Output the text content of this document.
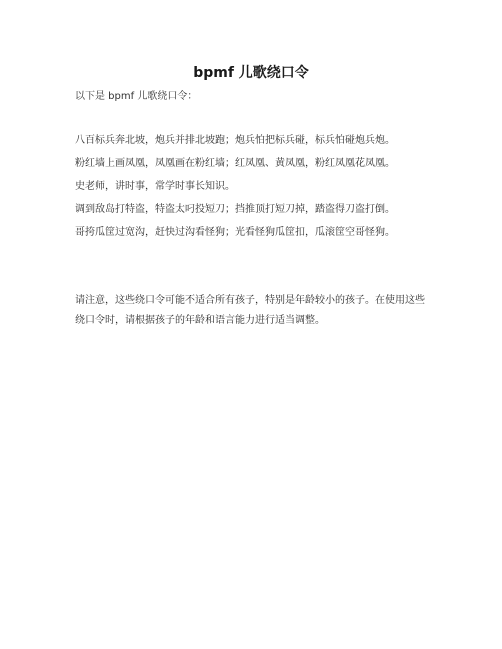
bpmf 儿歌绕口令
以下是 bpmf 儿歌绕口令：
八百标兵奔北坡，炮兵并排北坡跑；炮兵怕把标兵碰，标兵怕碰炮兵炮。
粉红墙上画凤凰，凤凰画在粉红墙；红凤凰、黄凤凰，粉红凤凰花凤凰。
史老师，讲时事，常学时事长知识。
调到敌岛打特盗，特盗太叼投短刀；挡推顶打短刀掉，踏盗得刀盗打倒。
哥挎瓜筐过宽沟，赶快过沟看怪狗；光看怪狗瓜筐扣，瓜滚筐空哥怪狗。
请注意，这些绕口令可能不适合所有孩子，特别是年龄较小的孩子。在使用这些绕口令时，请根据孩子的年龄和语言能力进行适当调整。
